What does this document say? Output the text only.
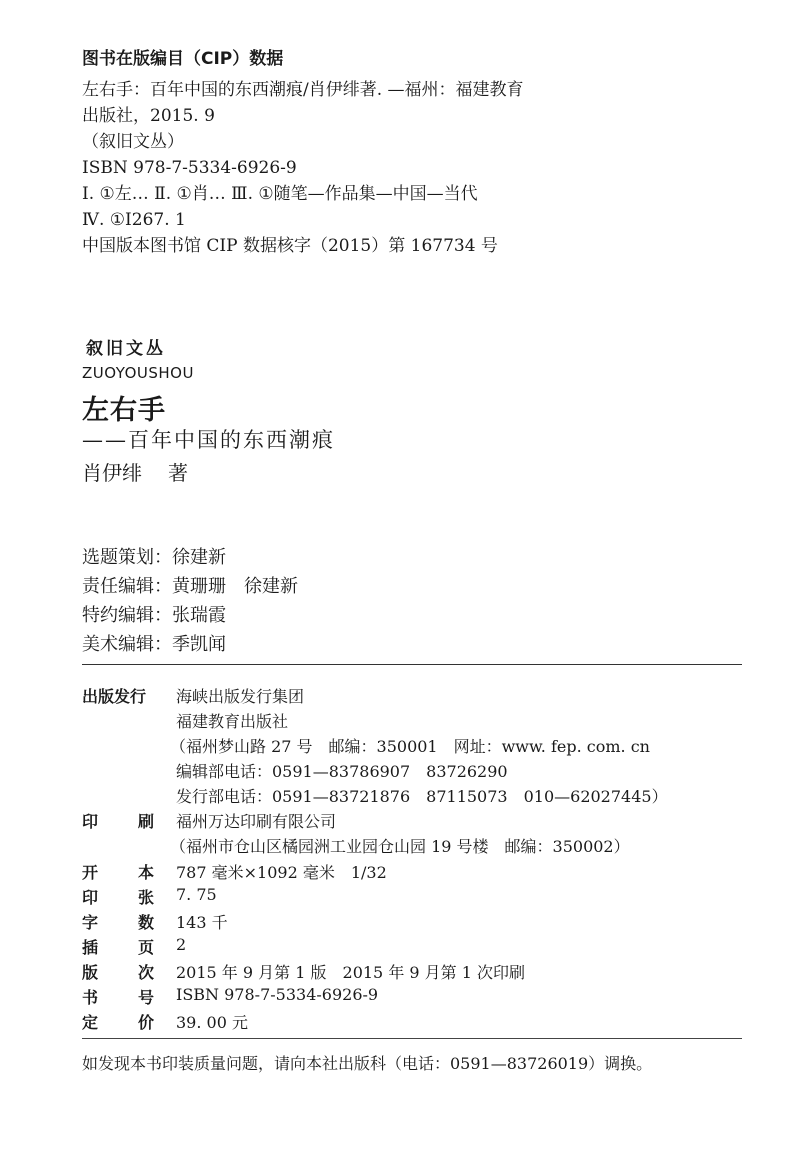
图书在版编目（CIP）数据
左右手：百年中国的东西潮痕/肖伊绯著. —福州：福建教育
出版社，2015. 9
（叙旧文丛）
ISBN 978-7-5334-6926-9
Ⅰ. ①左… Ⅱ. ①肖… Ⅲ. ①随笔—作品集—中国—当代
Ⅳ. ①I267. 1
中国版本图书馆 CIP 数据核字（2015）第 167734 号
叙旧文丛
ZUOYOUSHOU
左右手
——百年中国的东西潮痕
肖伊绯 著
选题策划：徐建新
责任编辑：黄珊珊　徐建新
特约编辑：张瑞霞
美术编辑：季凯闻
出版发行 海峡出版发行集团
福建教育出版社
（福州梦山路 27 号　邮编：350001　网址：www. fep. com. cn
编辑部电话：0591—83786907　83726290
发行部电话：0591—83721876　87115073　010—62027445）
印 刷 福州万达印刷有限公司
（福州市仓山区橘园洲工业园仓山园 19 号楼　邮编：350002）
开 本 787 毫米×1092 毫米　1/32
印 张 7. 75
字 数 143 千
插 页 2
版 次 2015 年 9 月第 1 版　2015 年 9 月第 1 次印刷
书 号 ISBN 978-7-5334-6926-9
定 价 39. 00 元
如发现本书印装质量问题，请向本社出版科（电话：0591—83726019）调换。
